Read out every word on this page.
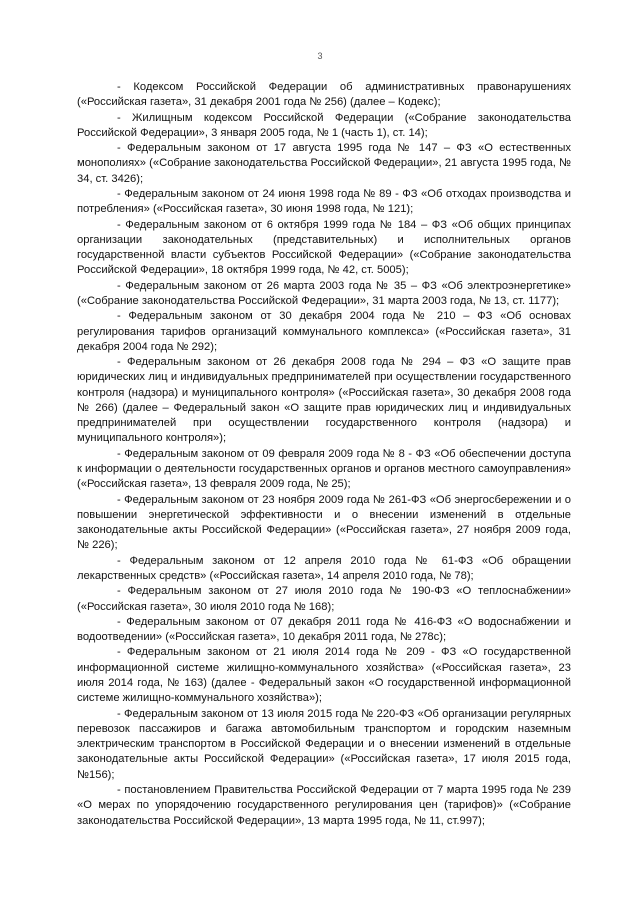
3

- Кодексом Российской Федерации об административных правонарушениях («Российская газета», 31 декабря 2001 года № 256) (далее – Кодекс);

- Жилищным кодексом Российской Федерации («Собрание законодательства Российской Федерации», 3 января 2005 года, № 1 (часть 1), ст. 14);

- Федеральным законом от 17 августа 1995 года № 147 – ФЗ «О естественных монополиях» («Собрание законодательства Российской Федерации», 21 августа 1995 года, № 34, ст. 3426);

- Федеральным законом от 24 июня 1998 года № 89 - ФЗ «Об отходах производства и потребления» («Российская газета», 30 июня 1998 года, № 121);

- Федеральным законом от 6 октября 1999 года № 184 – ФЗ «Об общих принципах организации законодательных (представительных) и исполнительных органов государственной власти субъектов Российской Федерации» («Собрание законодательства Российской Федерации», 18 октября 1999 года, № 42, ст. 5005);

- Федеральным законом от 26 марта 2003 года № 35 – ФЗ «Об электроэнергетике» («Собрание законодательства Российской Федерации», 31 марта 2003 года, № 13, ст. 1177);

- Федеральным законом от 30 декабря 2004 года № 210 – ФЗ «Об основах регулирования тарифов организаций коммунального комплекса» («Российская газета», 31 декабря 2004 года № 292);

- Федеральным законом от 26 декабря 2008 года № 294 – ФЗ «О защите прав юридических лиц и индивидуальных предпринимателей при осуществлении государственного контроля (надзора) и муниципального контроля» («Российская газета», 30 декабря 2008 года № 266) (далее – Федеральный закон «О защите прав юридических лиц и индивидуальных предпринимателей при осуществлении государственного контроля (надзора) и муниципального контроля»);

- Федеральным законом от 09 февраля 2009 года № 8 - ФЗ «Об обеспечении доступа к информации о деятельности государственных органов и органов местного самоуправления» («Российская газета», 13 февраля 2009 года, № 25);

- Федеральным законом от 23 ноября 2009 года № 261-ФЗ «Об энергосбережении и о повышении энергетической эффективности и о внесении изменений в отдельные законодательные акты Российской Федерации» («Российская газета», 27 ноября 2009 года, № 226);

- Федеральным законом от 12 апреля 2010 года № 61-ФЗ «Об обращении лекарственных средств» («Российская газета», 14 апреля 2010 года, № 78);

- Федеральным законом от 27 июля 2010 года № 190-ФЗ «О теплоснабжении» («Российская газета», 30 июля 2010 года № 168);

- Федеральным законом от 07 декабря 2011 года № 416-ФЗ «О водоснабжении и водоотведении» («Российская газета», 10 декабря 2011 года, № 278с);

- Федеральным законом от 21 июля 2014 года № 209 - ФЗ «О государственной информационной системе жилищно-коммунального хозяйства» («Российская газета», 23 июля 2014 года, № 163) (далее - Федеральный закон «О государственной информационной системе жилищно-коммунального хозяйства»);

- Федеральным законом от 13 июля 2015 года № 220-ФЗ «Об организации регулярных перевозок пассажиров и багажа автомобильным транспортом и городским наземным электрическим транспортом в Российской Федерации и о внесении изменений в отдельные законодательные акты Российской Федерации» («Российская газета», 17 июля 2015 года, №156);

- постановлением Правительства Российской Федерации от 7 марта 1995 года № 239 «О мерах по упорядочению государственного регулирования цен (тарифов)» («Собрание законодательства Российской Федерации», 13 марта 1995 года, № 11, ст.997);
